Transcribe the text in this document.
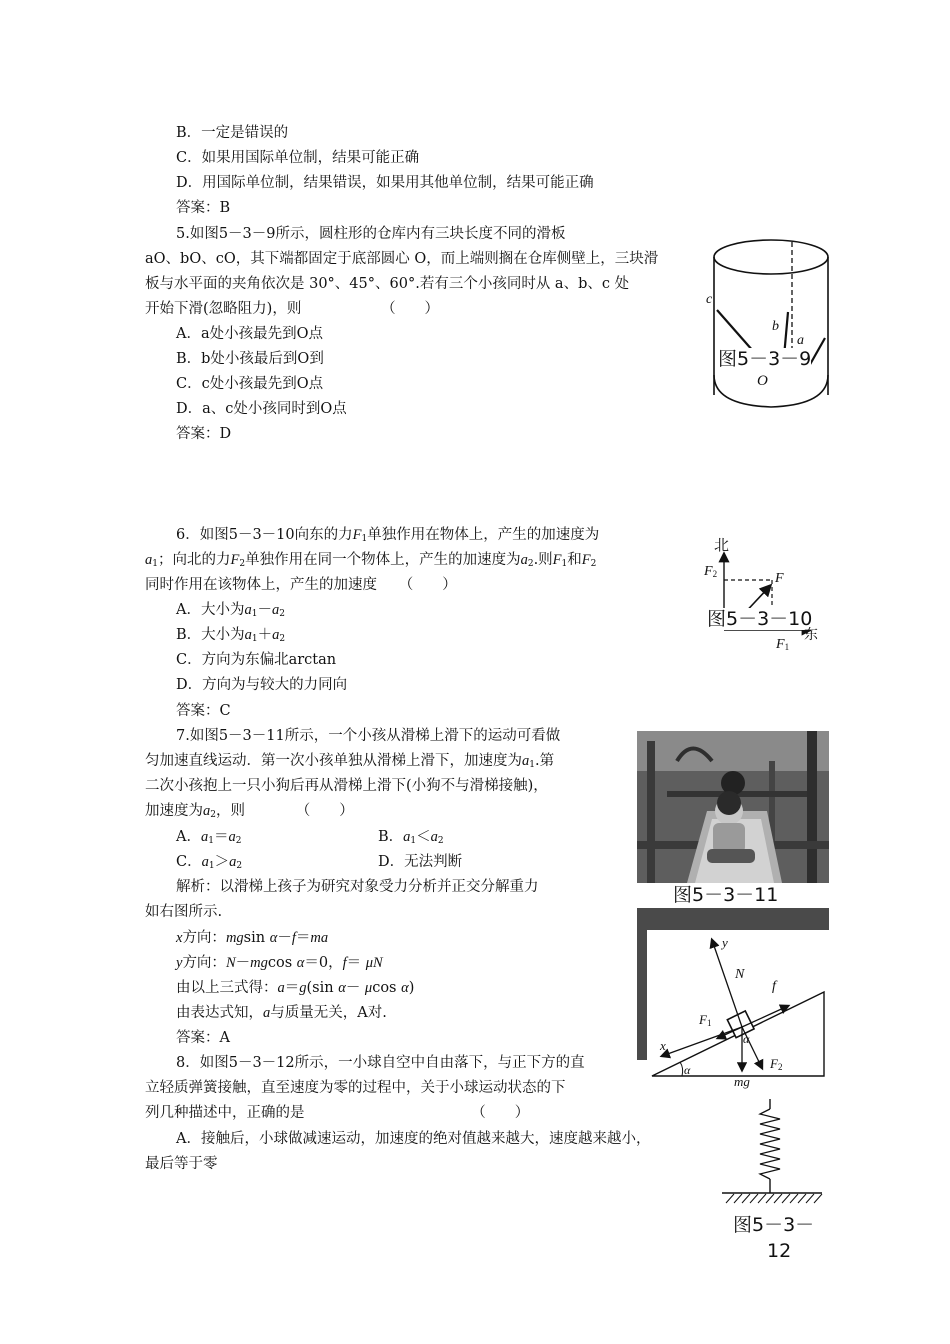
B．一定是错误的
C．如果用国际单位制，结果可能正确
D．用国际单位制，结果错误，如果用其他单位制，结果可能正确
答案：B
5.如图5－3－9所示，圆柱形的仓库内有三块长度不同的滑板
aO、bO、cO，其下端都固定于底部圆心 O，而上端则搁在仓库侧壁上，三块滑
板与水平面的夹角依次是 30°、45°、60°.若有三个小孩同时从 a、b、c 处
开始下滑(忽略阻力)，则　　　　　　（　　）
A．a处小孩最先到O点
B．b处小孩最后到O到
C．c处小孩最先到O点
D．a、c处小孩同时到O点
答案：D
c
b
a
图5－3－9
O
6．如图5－3－10向东的力$F_1$单独作用在物体上，产生的加速度为
$a_1$；向北的力$F_2$单独作用在同一个物体上，产生的加速度为$a_2$.则$F_1$和$F_2$
同时作用在该物体上，产生的加速度　　（　　）
A．大小为$a_1-a_2$
B．大小为$a_1+a_2$
C．方向为东偏北arctan
D．方向为与较大的力同向
答案：C
北
$F_2$	F
图5－3－10
东
$F_1$
7.如图5－3－11所示，一个小孩从滑梯上滑下的运动可看做
匀加速直线运动．第一次小孩单独从滑梯上滑下，加速度为$a_1$.第
二次小孩抱上一只小狗后再从滑梯上滑下(小狗不与滑梯接触)，
加速度为$a_2$，则　　　　（　　）
A．$a_1=a_2$	B．$a_1<a_2$
C．$a_1>a_2$	D．无法判断
解析：以滑梯上孩子为研究对象受力分析并正交分解重力
如右图所示.
x方向：mgsin α－f＝ma
y方向：N－mgcos α＝0，f＝ μN
由以上三式得：a＝g(sin α－ μcos α)
由表达式知，a与质量无关，A对.
答案：A
图5－3－11
y
N
f
$F_1$
α
x
$F_2$
α
mg
8．如图5－3－12所示，一小球自空中自由落下，与正下方的直
立轻质弹簧接触，直至速度为零的过程中，关于小球运动状态的下
列几种描述中，正确的是　　　　　　　　　　　　（　　）
A．接触后，小球做减速运动，加速度的绝对值越来越大，速度越来越小，
最后等于零
图5－3－
12
